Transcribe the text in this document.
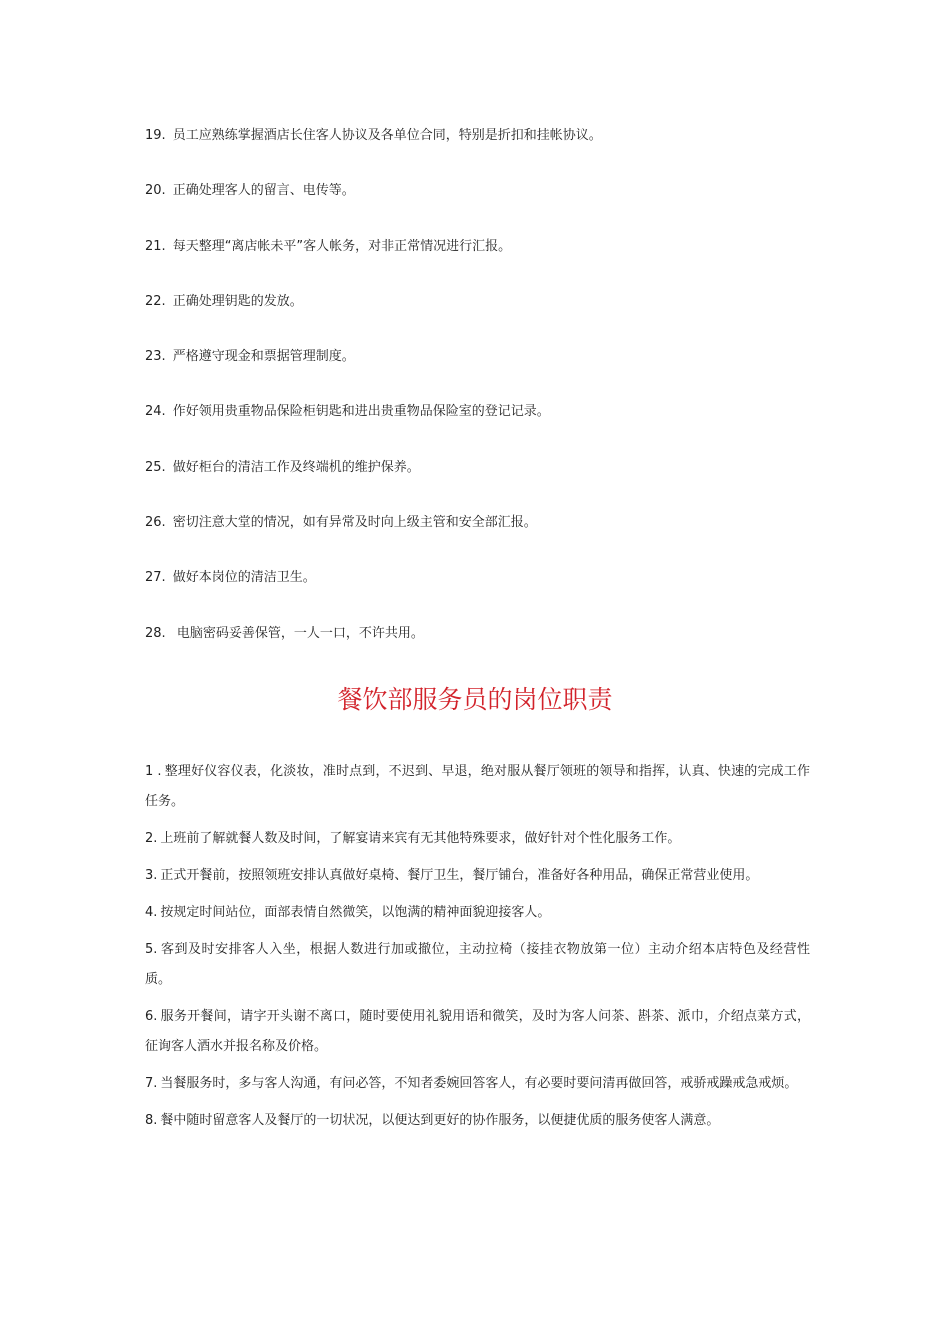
19. 员工应熟练掌握酒店长住客人协议及各单位合同，特别是折扣和挂帐协议。
20. 正确处理客人的留言、电传等。
21. 每天整理“离店帐未平”客人帐务，对非正常情况进行汇报。
22. 正确处理钥匙的发放。
23. 严格遵守现金和票据管理制度。
24. 作好领用贵重物品保险柜钥匙和进出贵重物品保险室的登记记录。
25. 做好柜台的清洁工作及终端机的维护保养。
26. 密切注意大堂的情况，如有异常及时向上级主管和安全部汇报。
27. 做好本岗位的清洁卫生。
28. 电脑密码妥善保管，一人一口，不许共用。
餐饮部服务员的岗位职责
1 . 整理好仪容仪表，化淡妆，准时点到，不迟到、早退，绝对服从餐厅领班的领导和指挥，认真、快速的完成工作任务。
2. 上班前了解就餐人数及时间，了解宴请来宾有无其他特殊要求，做好针对个性化服务工作。
3. 正式开餐前，按照领班安排认真做好桌椅、餐厅卫生，餐厅铺台，准备好各种用品，确保正常营业使用。
4. 按规定时间站位，面部表情自然微笑，以饱满的精神面貌迎接客人。
5. 客到及时安排客人入坐，根据人数进行加或撤位，主动拉椅（接挂衣物放第一位）主动介绍本店特色及经营性质。
6. 服务开餐间，请字开头谢不离口，随时要使用礼貌用语和微笑，及时为客人问茶、斟茶、派巾，介绍点菜方式，征询客人酒水并报名称及价格。
7. 当餐服务时，多与客人沟通，有问必答，不知者委婉回答客人，有必要时要问清再做回答，戒骄戒躁戒急戒烦。
8. 餐中随时留意客人及餐厅的一切状况，以便达到更好的协作服务，以便捷优质的服务使客人满意。
